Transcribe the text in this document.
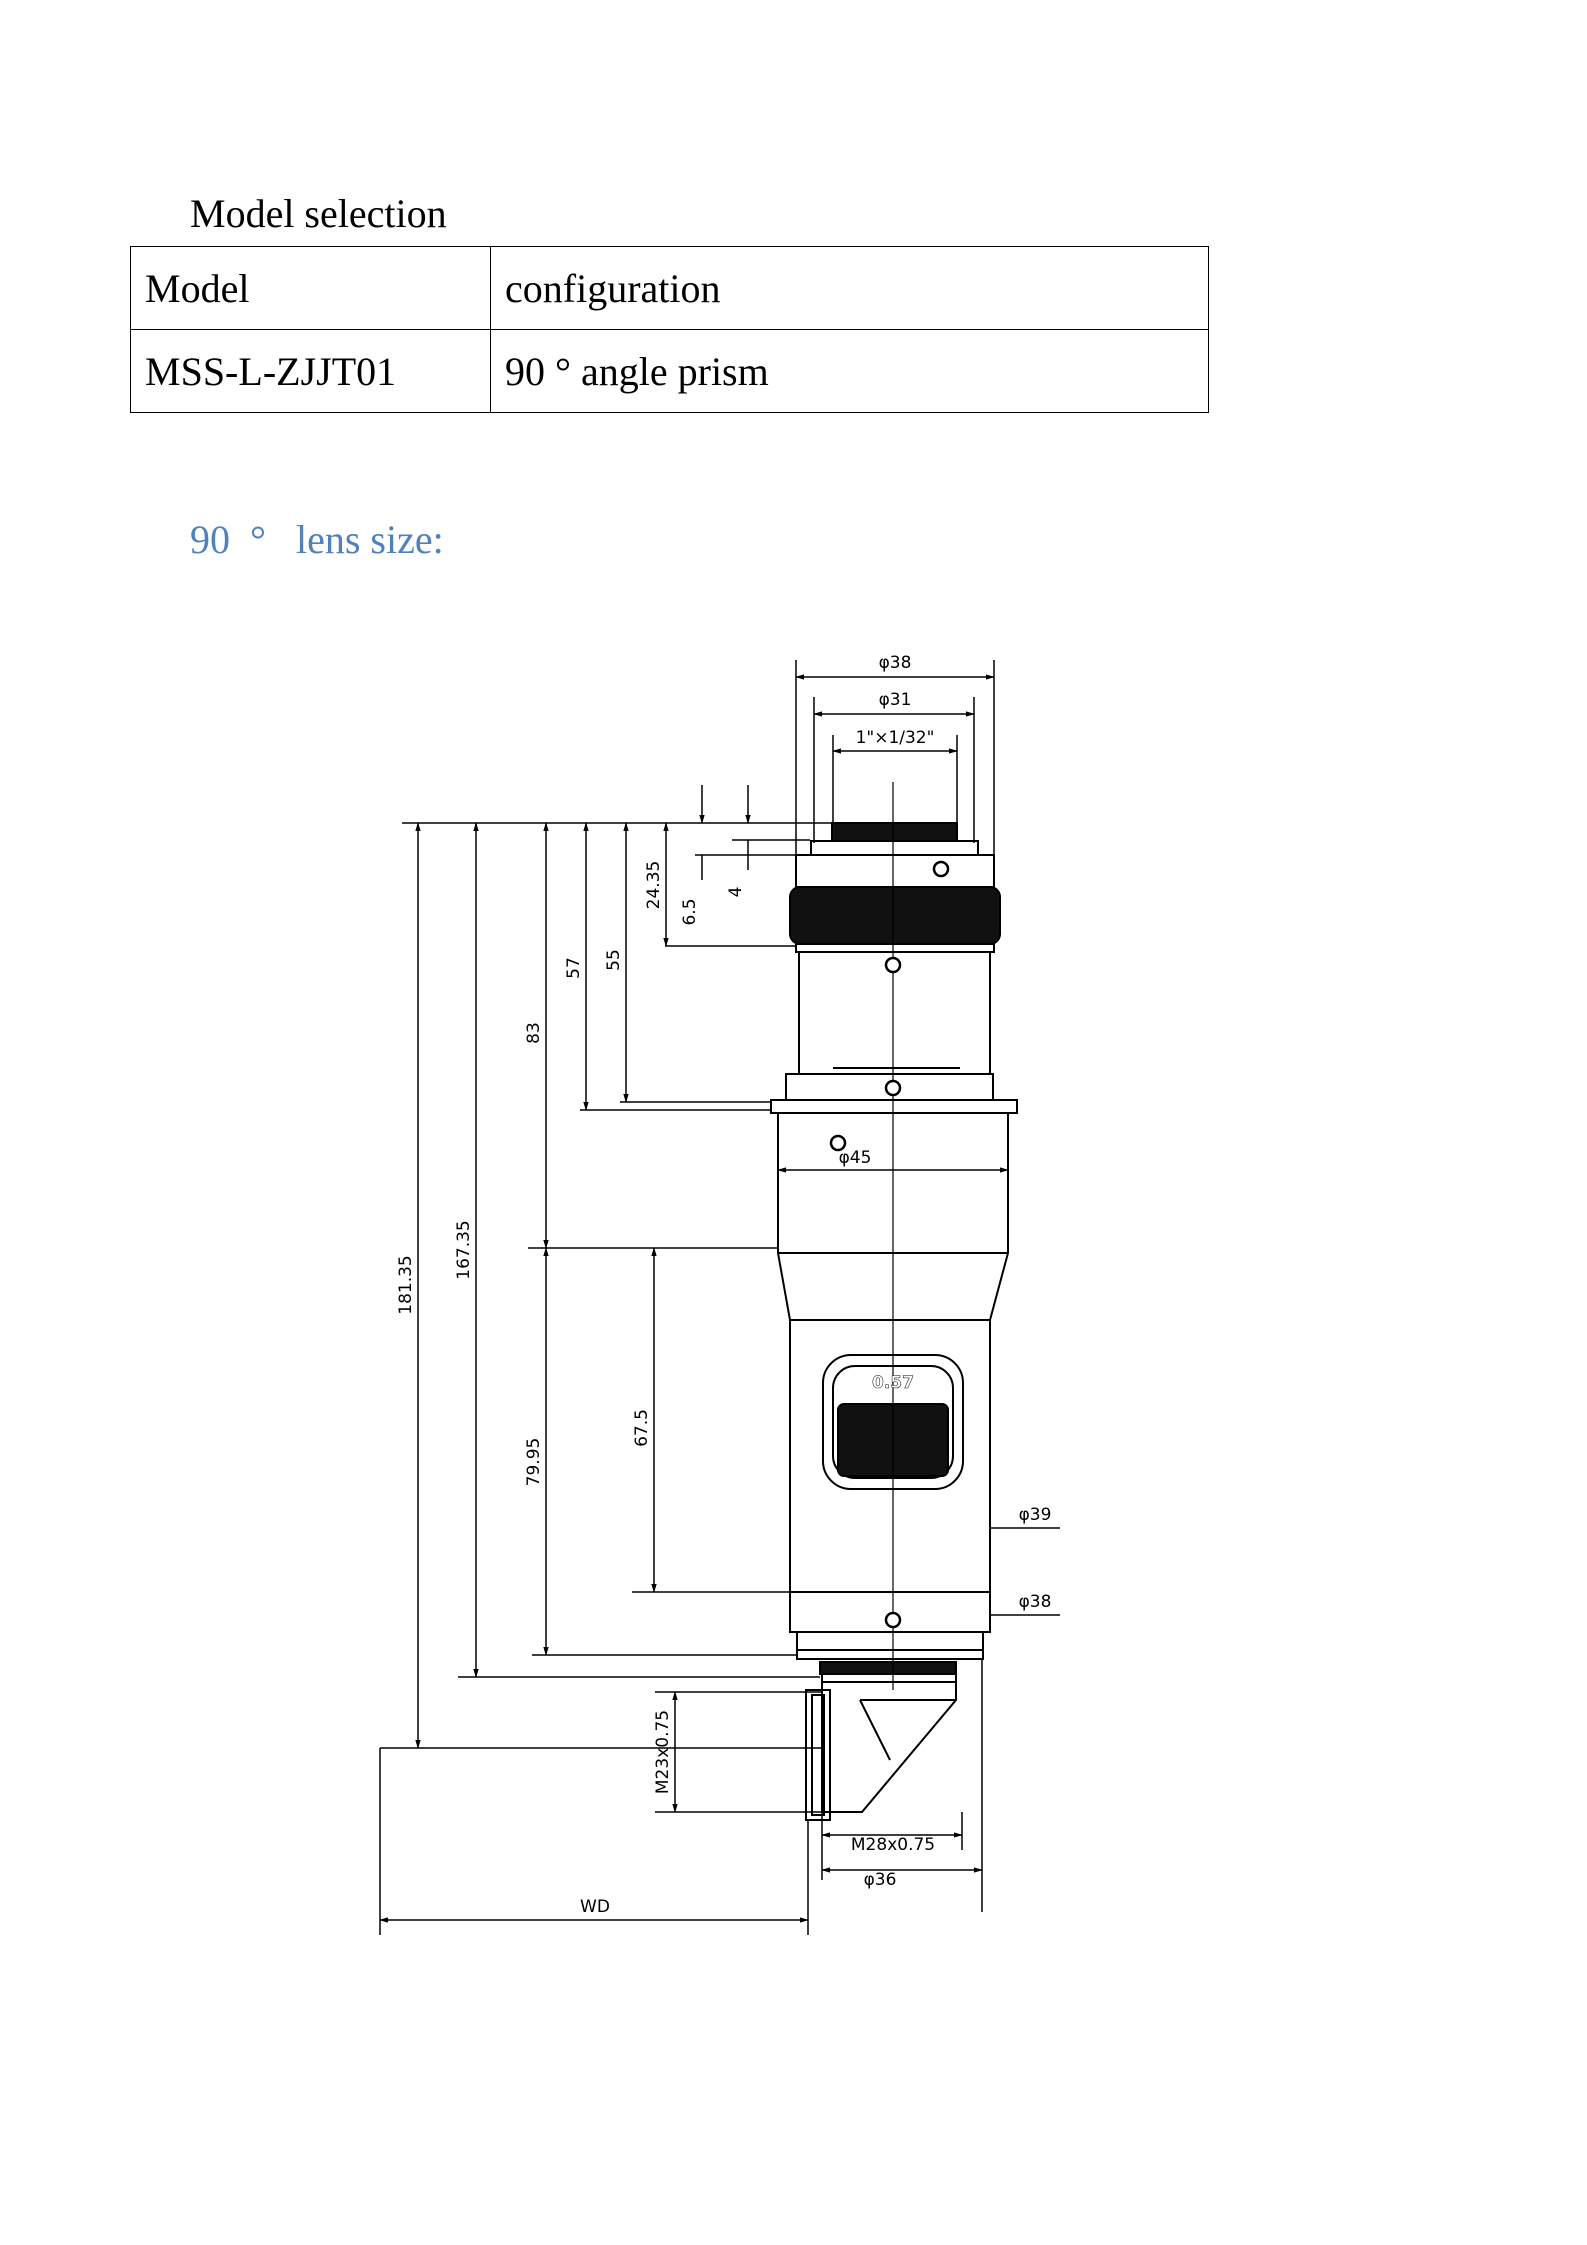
Model selection
Model	configuration
MSS-L-ZJJT01	90 ° angle prism
90  °   lens size:
φ38
φ31
1"×1/32"
181.35
167.35
83
57 55
24.35
6.5
4
79.95
67.5
M23x0.75
φ45
0.57
φ39
φ38
M28x0.75
φ36
WD
